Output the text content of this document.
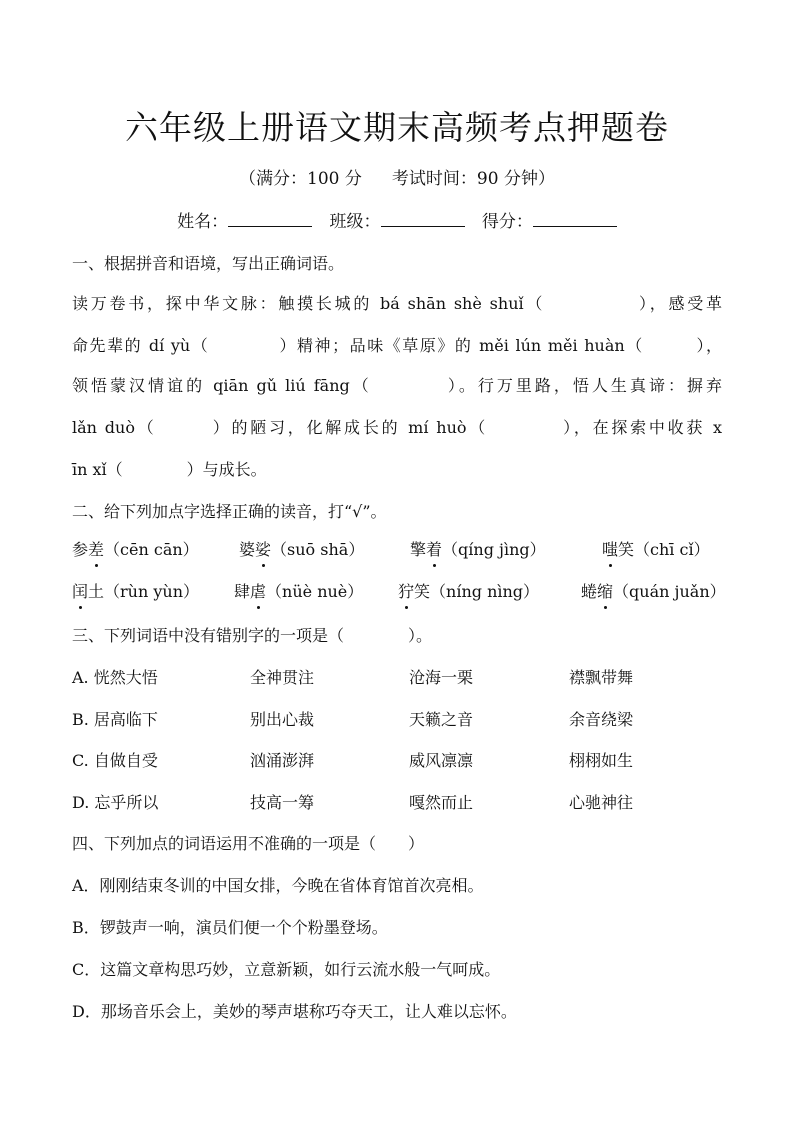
六年级上册语文期末高频考点押题卷
（满分：100 分 考试时间：90 分钟）
姓名：	班级：	得分：
一、根据拼音和语境，写出正确词语。
读万卷书，探中华文脉：触摸长城的 bá shān shè shuǐ（　　　　　），感受革
命先辈的 dí yù（　　　　）精神；品味《草原》的 měi lún měi huàn（　　　），
领悟蒙汉情谊的 qiān gǔ liú fāng（　　　　）。行万里路，悟人生真谛：摒弃
lǎn duò（　　　）的陋习，化解成长的 mí huò（　　　　），在探索中收获 x
īn xǐ（　　　　）与成长。
二、给下列加点字选择正确的读音，打“√”。
参差（cēn cān）	婆娑（suō shā）	擎着（qíng jìng）	嗤笑（chī cǐ）
闰土（rùn yùn） 肆虐（nüè nuè） 狞笑（níng nìng）	蜷缩（quán juǎn）
三、下列词语中没有错别字的一项是（　　　　）。
A. 恍然大悟	全神贯注	沧海一栗	襟飘带舞
B. 居高临下	别出心裁	天籁之音	余音绕梁
C. 自做自受	汹涌澎湃	威风凛凛	栩栩如生
D. 忘乎所以	技高一筹	嘎然而止	心驰神往
四、下列加点的词语运用不准确的一项是（　　）
A．刚刚结束冬训的中国女排，今晚在省体育馆首次亮相。
B．锣鼓声一响，演员们便一个个粉墨登场。
C．这篇文章构思巧妙，立意新颖，如行云流水般一气呵成。
D．那场音乐会上，美妙的琴声堪称巧夺天工，让人难以忘怀。
